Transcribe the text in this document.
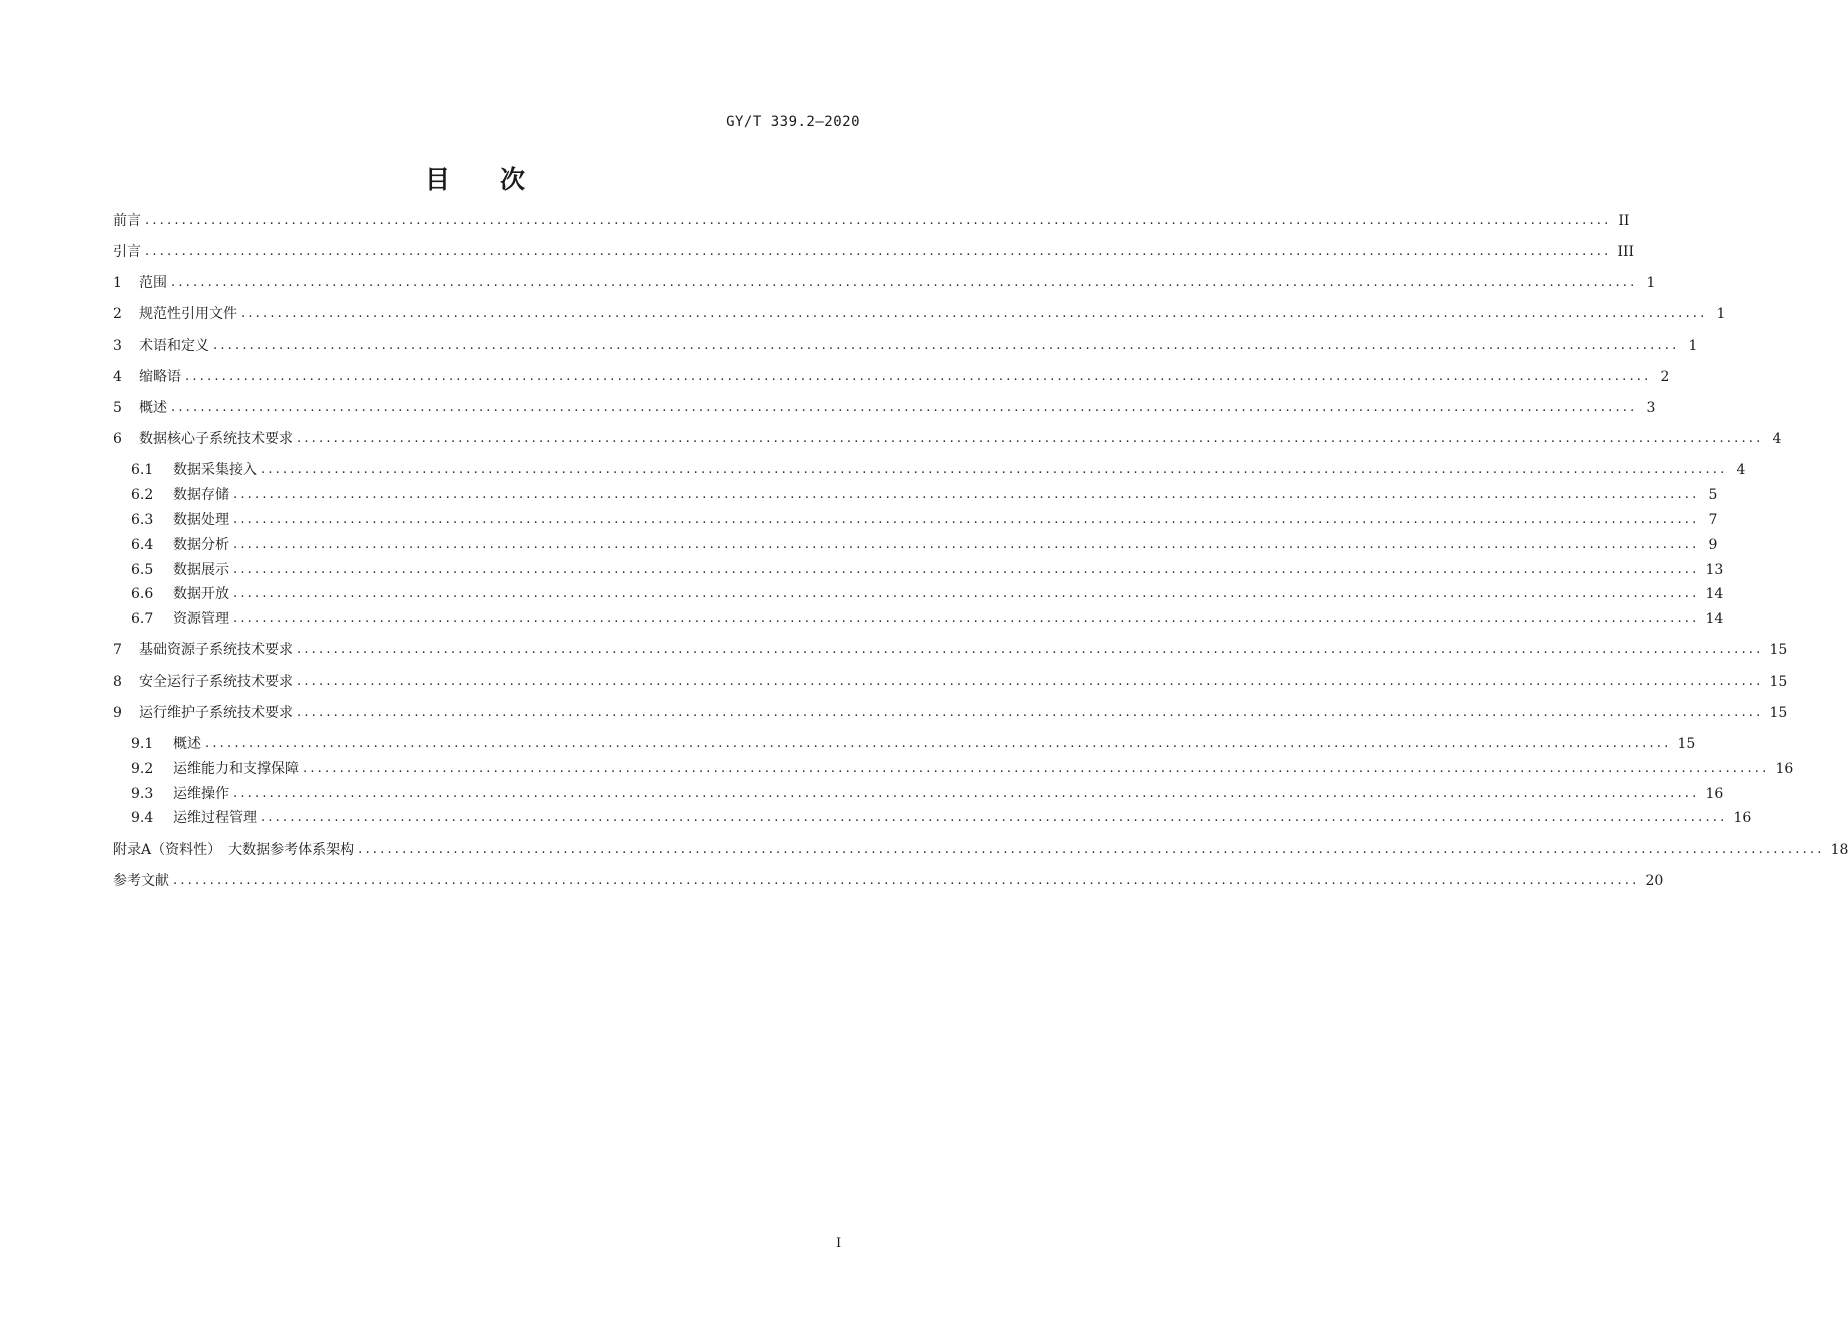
GY/T 339.2—2020
目　　次
前言 ........................................................................................................................................................................................................ II
引言 ........................................................................................................................................................................................................ III
1	范围 ........................................................................................................................................................................................................ 1
2	规范性引用文件 ........................................................................................................................................................................................................ 1
3	术语和定义 ........................................................................................................................................................................................................ 1
4	缩略语 ........................................................................................................................................................................................................ 2
5	概述 ........................................................................................................................................................................................................ 3
6	数据核心子系统技术要求 ........................................................................................................................................................................................................ 4
6.1	数据采集接入 ........................................................................................................................................................................................................ 4
6.2	数据存储 ........................................................................................................................................................................................................ 5
6.3	数据处理 ........................................................................................................................................................................................................ 7
6.4	数据分析 ........................................................................................................................................................................................................ 9
6.5	数据展示 ........................................................................................................................................................................................................ 13
6.6	数据开放 ........................................................................................................................................................................................................ 14
6.7	资源管理 ........................................................................................................................................................................................................ 14
7	基础资源子系统技术要求 ........................................................................................................................................................................................................ 15
8	安全运行子系统技术要求 ........................................................................................................................................................................................................ 15
9	运行维护子系统技术要求 ........................................................................................................................................................................................................ 15
9.1	概述 ........................................................................................................................................................................................................ 15
9.2	运维能力和支撑保障 ........................................................................................................................................................................................................ 16
9.3	运维操作 ........................................................................................................................................................................................................ 16
9.4	运维过程管理 ........................................................................................................................................................................................................ 16
附录A（资料性）　大数据参考体系架构 ........................................................................................................................................................................................................ 18
参考文献 ........................................................................................................................................................................................................ 20
I
